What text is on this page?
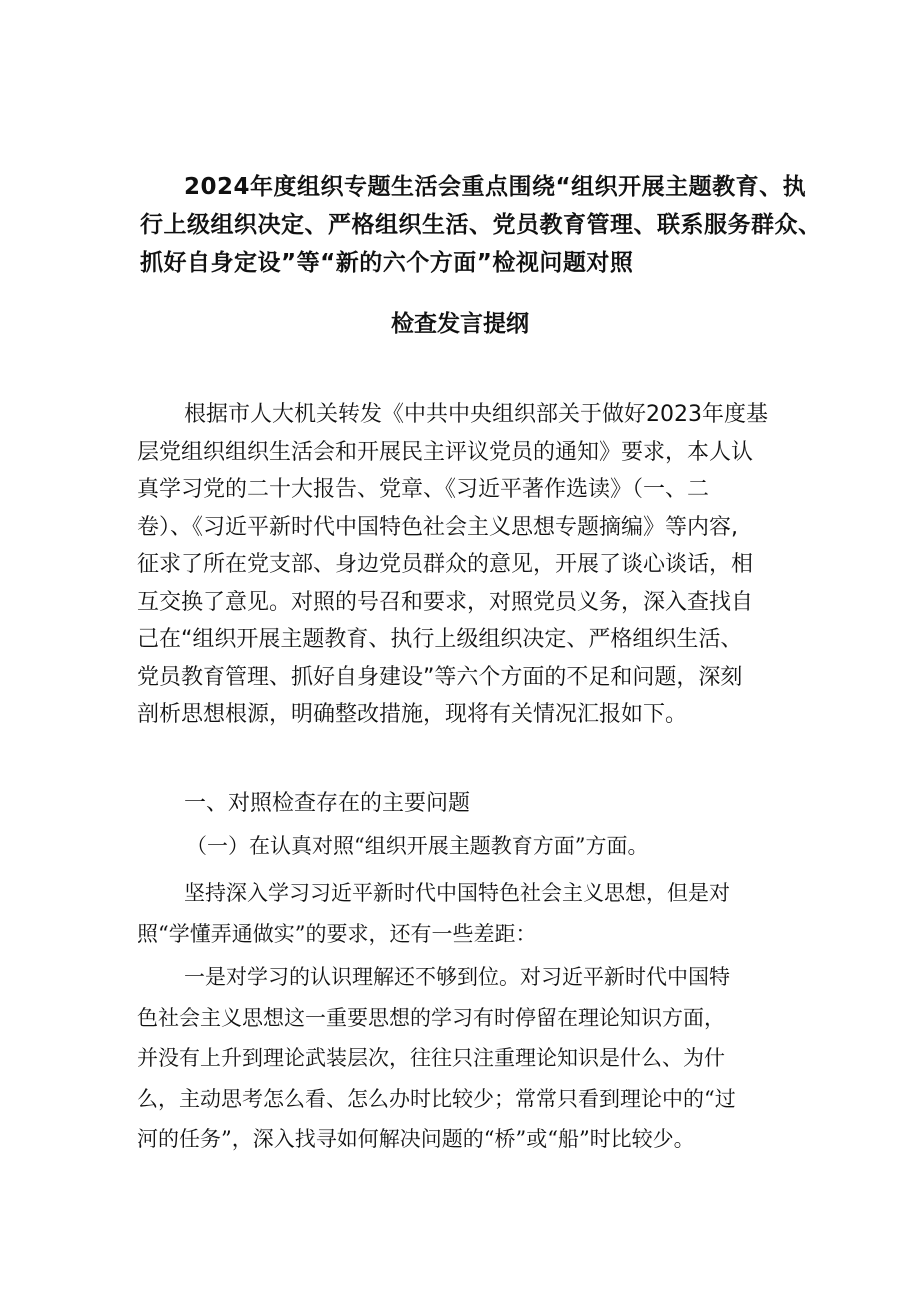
2024年度组织专题生活会重点围绕“组织开展主题教育、执
行上级组织决定、严格组织生活、党员教育管理、联系服务群众、
抓好自身定设”等“新的六个方面”检视问题对照
检查发言提纲
根据市人大机关转发《中共中央组织部关于做好2023年度基
层党组织组织生活会和开展民主评议党员的通知》要求，本人认
真学习党的二十大报告、党章、《习近平著作选读》（一、二
卷）、《习近平新时代中国特色社会主义思想专题摘编》等内容,
征求了所在党支部、身边党员群众的意见，开展了谈心谈话，相
互交换了意见。对照的号召和要求，对照党员义务，深入查找自
己在“组织开展主题教育、执行上级组织决定、严格组织生活、
党员教育管理、抓好自身建设”等六个方面的不足和问题，深刻
剖析思想根源，明确整改措施，现将有关情况汇报如下。
一、对照检查存在的主要问题
（一）在认真对照“组织开展主题教育方面”方面。
坚持深入学习习近平新时代中国特色社会主义思想，但是对
照“学懂弄通做实”的要求，还有一些差距：
一是对学习的认识理解还不够到位。对习近平新时代中国特
色社会主义思想这一重要思想的学习有时停留在理论知识方面，
并没有上升到理论武装层次，往往只注重理论知识是什么、为什
么，主动思考怎么看、怎么办时比较少；常常只看到理论中的“过
河的任务”，深入找寻如何解决问题的“桥”或“船”时比较少。
